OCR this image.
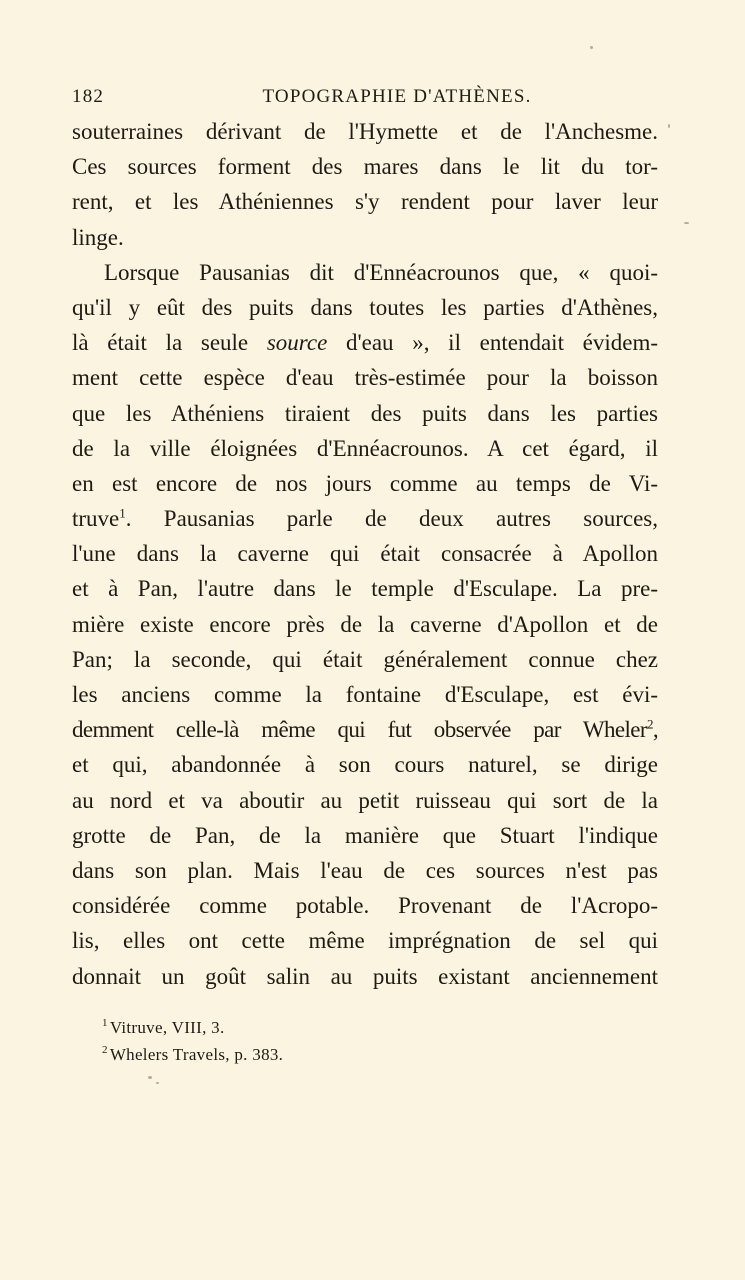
182	TOPOGRAPHIE D'ATHÈNES.
souterraines dérivant de l'Hymette et de l'Anchesme.
Ces sources forment des mares dans le lit du tor-
rent, et les Athéniennes s'y rendent pour laver leur
linge.
Lorsque Pausanias dit d'Ennéacrounos que, « quoi-
qu'il y eût des puits dans toutes les parties d'Athènes,
là était la seule source d'eau », il entendait évidem-
ment cette espèce d'eau très-estimée pour la boisson
que les Athéniens tiraient des puits dans les parties
de la ville éloignées d'Ennéacrounos. A cet égard, il
en est encore de nos jours comme au temps de Vi-
truve$^1$. Pausanias parle de deux autres sources,
l'une dans la caverne qui était consacrée à Apollon
et à Pan, l'autre dans le temple d'Esculape. La pre-
mière existe encore près de la caverne d'Apollon et de
Pan; la seconde, qui était généralement connue chez
les anciens comme la fontaine d'Esculape, est évi-
demment celle-là même qui fut observée par Wheler$^2$,
et qui, abandonnée à son cours naturel, se dirige
au nord et va aboutir au petit ruisseau qui sort de la
grotte de Pan, de la manière que Stuart l'indique
dans son plan. Mais l'eau de ces sources n'est pas
considérée comme potable. Provenant de l'Acropo-
lis, elles ont cette même imprégnation de sel qui
donnait un goût salin au puits existant anciennement
$^1$ Vitruve, VIII, 3.
$^2$ Whelers Travels, p. 383.
